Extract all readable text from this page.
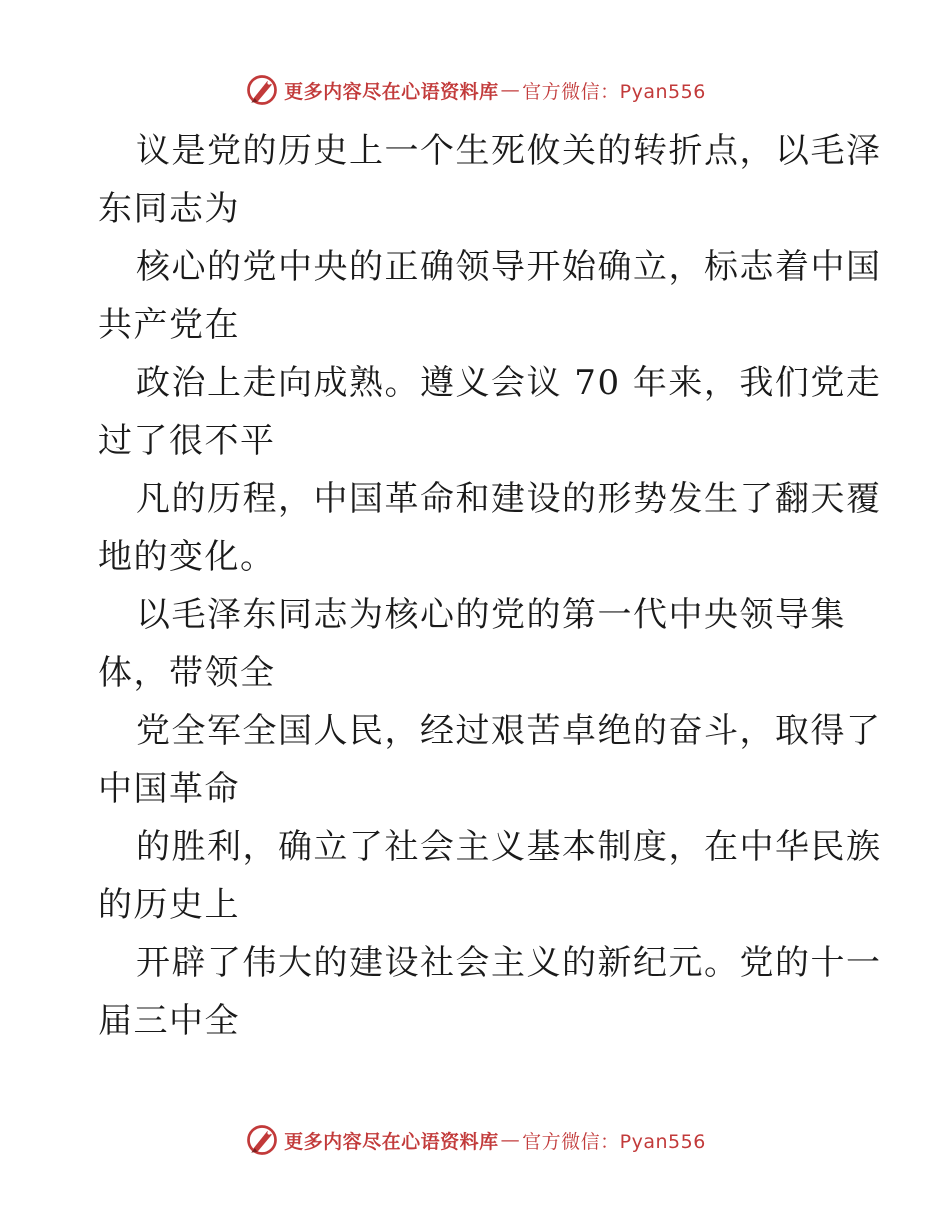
更多内容尽在心语资料库 — 官方微信：Pyan556
议是党的历史上一个生死攸关的转折点，以毛泽
东同志为
核心的党中央的正确领导开始确立，标志着中国
共产党在
政治上走向成熟。遵义会议 70 年来，我们党走
过了很不平
凡的历程，中国革命和建设的形势发生了翻天覆
地的变化。
以毛泽东同志为核心的党的第一代中央领导集
体，带领全
党全军全国人民，经过艰苦卓绝的奋斗，取得了
中国革命
的胜利，确立了社会主义基本制度，在中华民族
的历史上
开辟了伟大的建设社会主义的新纪元。党的十一
届三中全
更多内容尽在心语资料库 — 官方微信：Pyan556
